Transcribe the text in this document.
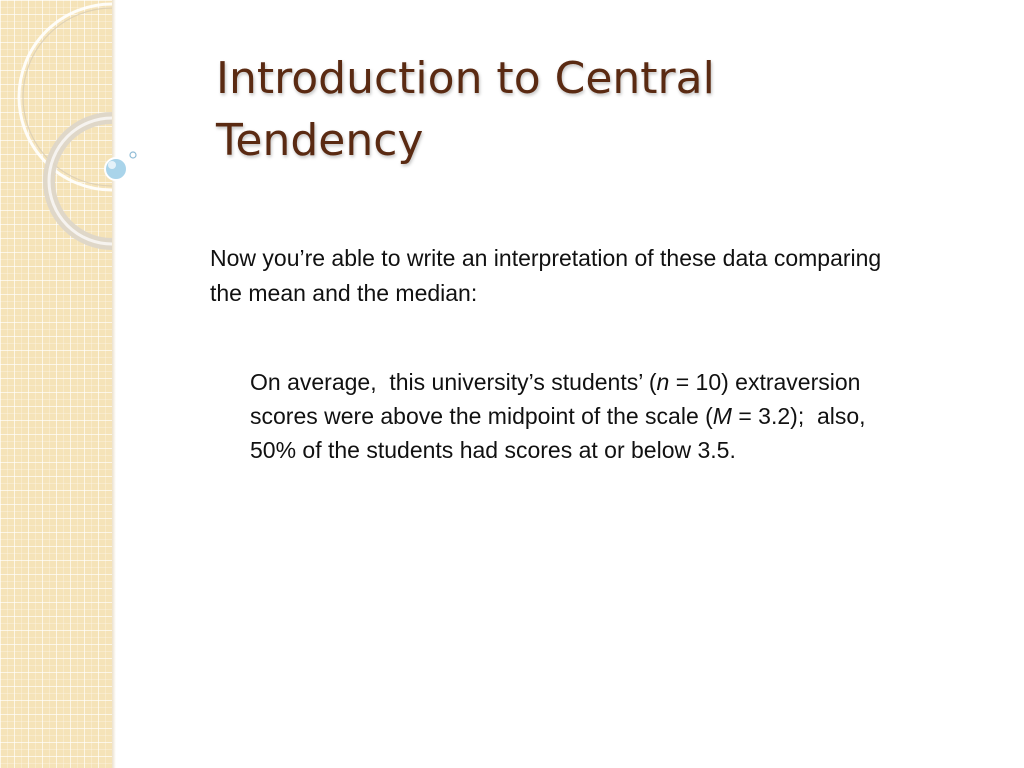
Introduction to Central Tendency

Now you’re able to write an interpretation of these data comparing the mean and the median:

On average,  this university’s students’ (n = 10) extraversion scores were above the midpoint of the scale (M = 3.2);  also,  50% of the students had scores at or below 3.5.
